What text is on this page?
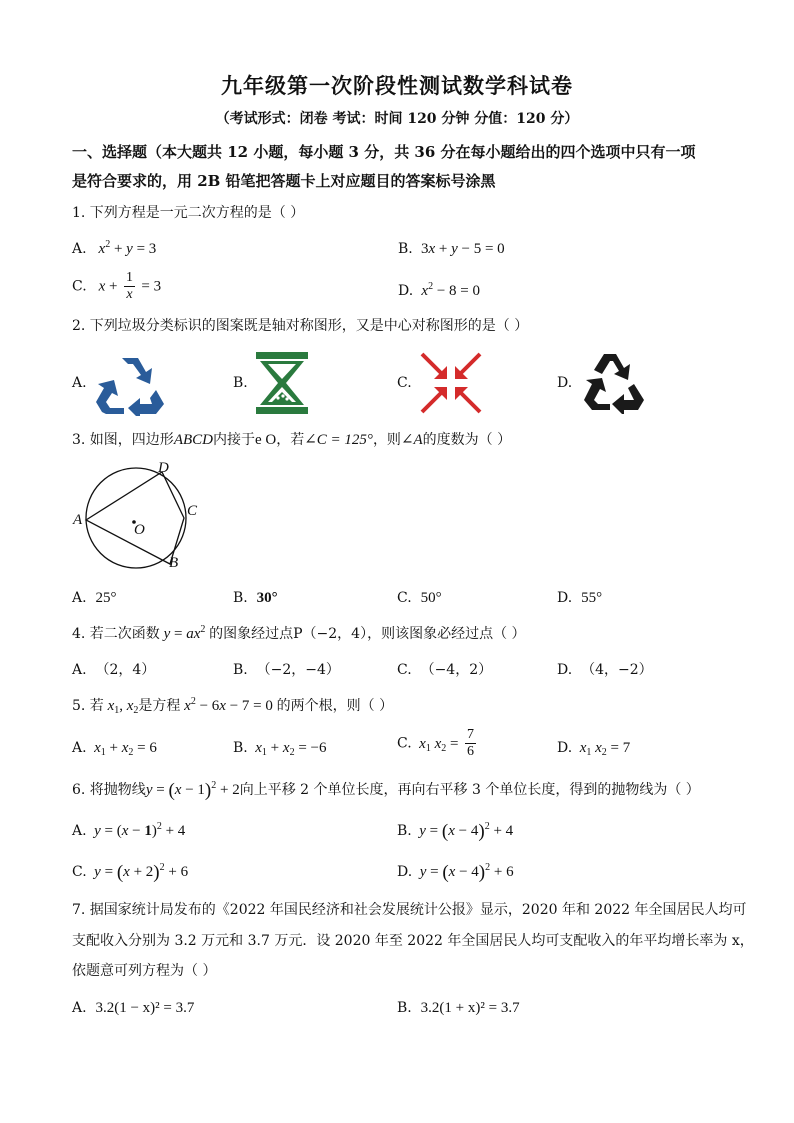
九年级第一次阶段性测试数学科试卷
（考试形式：闭卷 考试：时间 120 分钟 分值：120 分）
一、选择题（本大题共 12 小题，每小题 3 分，共 36 分在每小题给出的四个选项中只有一项
是符合要求的，用 2B 铅笔把答题卡上对应题目的答案标号涂黑
1. 下列方程是一元二次方程的是（ ）
A. $x^2 + y = 3$	B.  3x + y − 5 = 0
C. $x + \frac{1}{x} = 3$	D. $x^2 - 8 = 0$
2. 下列垃圾分类标识的图案既是轴对称图形，又是中心对称图形的是（ ）
A.	B.	C.	D.
3. 如图，四边形ABCD内接于e O，若∠C = 125°，则∠A的度数为（ ）
A
D
C
B
O
A. 25°	B. 30°	C. 50°	D. 55°
4. 若二次函数 $y = ax^2$ 的图象经过点P（−2，4），则该图象必经过点（ ）
A. （2，4）	B. （−2，−4）	C. （−4，2）	D. （4，−2）
5. 若 $x_1$, $x_2$是方程 $x^2 - 6x - 7 = 0$ 的两个根，则（ ）
A. $x_1 + x_2 = 6$	B. $x_1 + x_2 = -6$	C. $x_1$ $x_2 = \frac{7}{6}$	D. $x_1$ $x_2 = 7$
6. 将抛物线$y = (x - 1)^2 + 2$向上平移 2 个单位长度，再向右平移 3 个单位长度，得到的抛物线为（ ）
A. $y = (x - 1)^2 + 4$	B. $y = (x - 4)^2 + 4$
C. $y = (x + 2)^2 + 6$	D. $y = (x - 4)^2 + 6$
7. 据国家统计局发布的《2022 年国民经济和社会发展统计公报》显示，2020 年和 2022 年全国居民人均可
支配收入分别为 3.2 万元和 3.7 万元．设 2020 年至 2022 年全国居民人均可支配收入的年平均增长率为 x，
依题意可列方程为（ ）
A. 3.2(1 − x)² = 3.7	B. 3.2(1 + x)² = 3.7
